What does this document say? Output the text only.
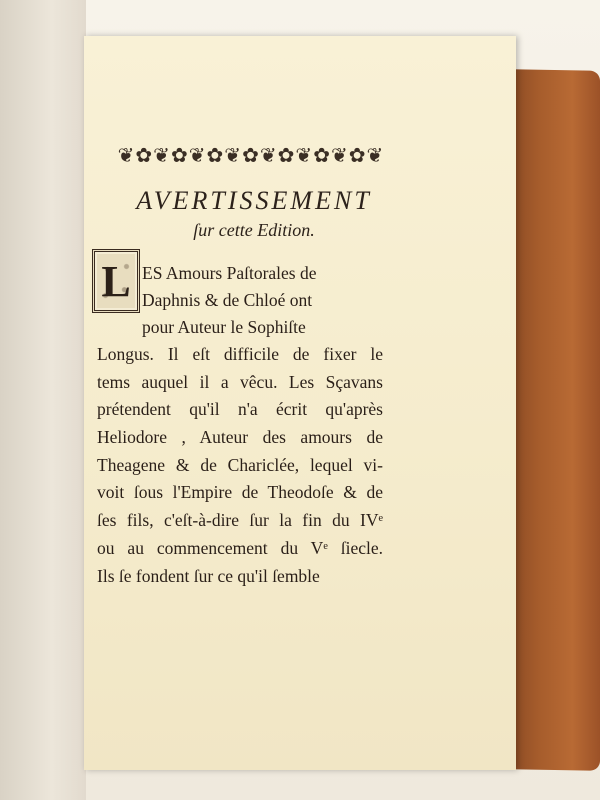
❦ ✿ ❦ ✿ ❦ ✿ ❦ ✿ ❦ ✿ ❦ ✿ ❦ ✿ ❦
AVERTISSEMENT
ſur cette Edition.
L ES Amours Paſtorales de
Daphnis & de Chloé ont
pour Auteur le Sophiſte
Longus. Il eſt difficile de fixer le
tems auquel il a vêcu. Les Sçavans
prétendent qu'il n'a écrit qu'après
Heliodore , Auteur des amours de
Theagene & de Chariclée, lequel vi-
voit ſous l'Empire de Theodoſe & de
ſes fils, c'eſt-à-dire ſur la fin du IVᵉ
ou au commencement du Vᵉ ſiecle.
Ils ſe fondent ſur ce qu'il ſemble
